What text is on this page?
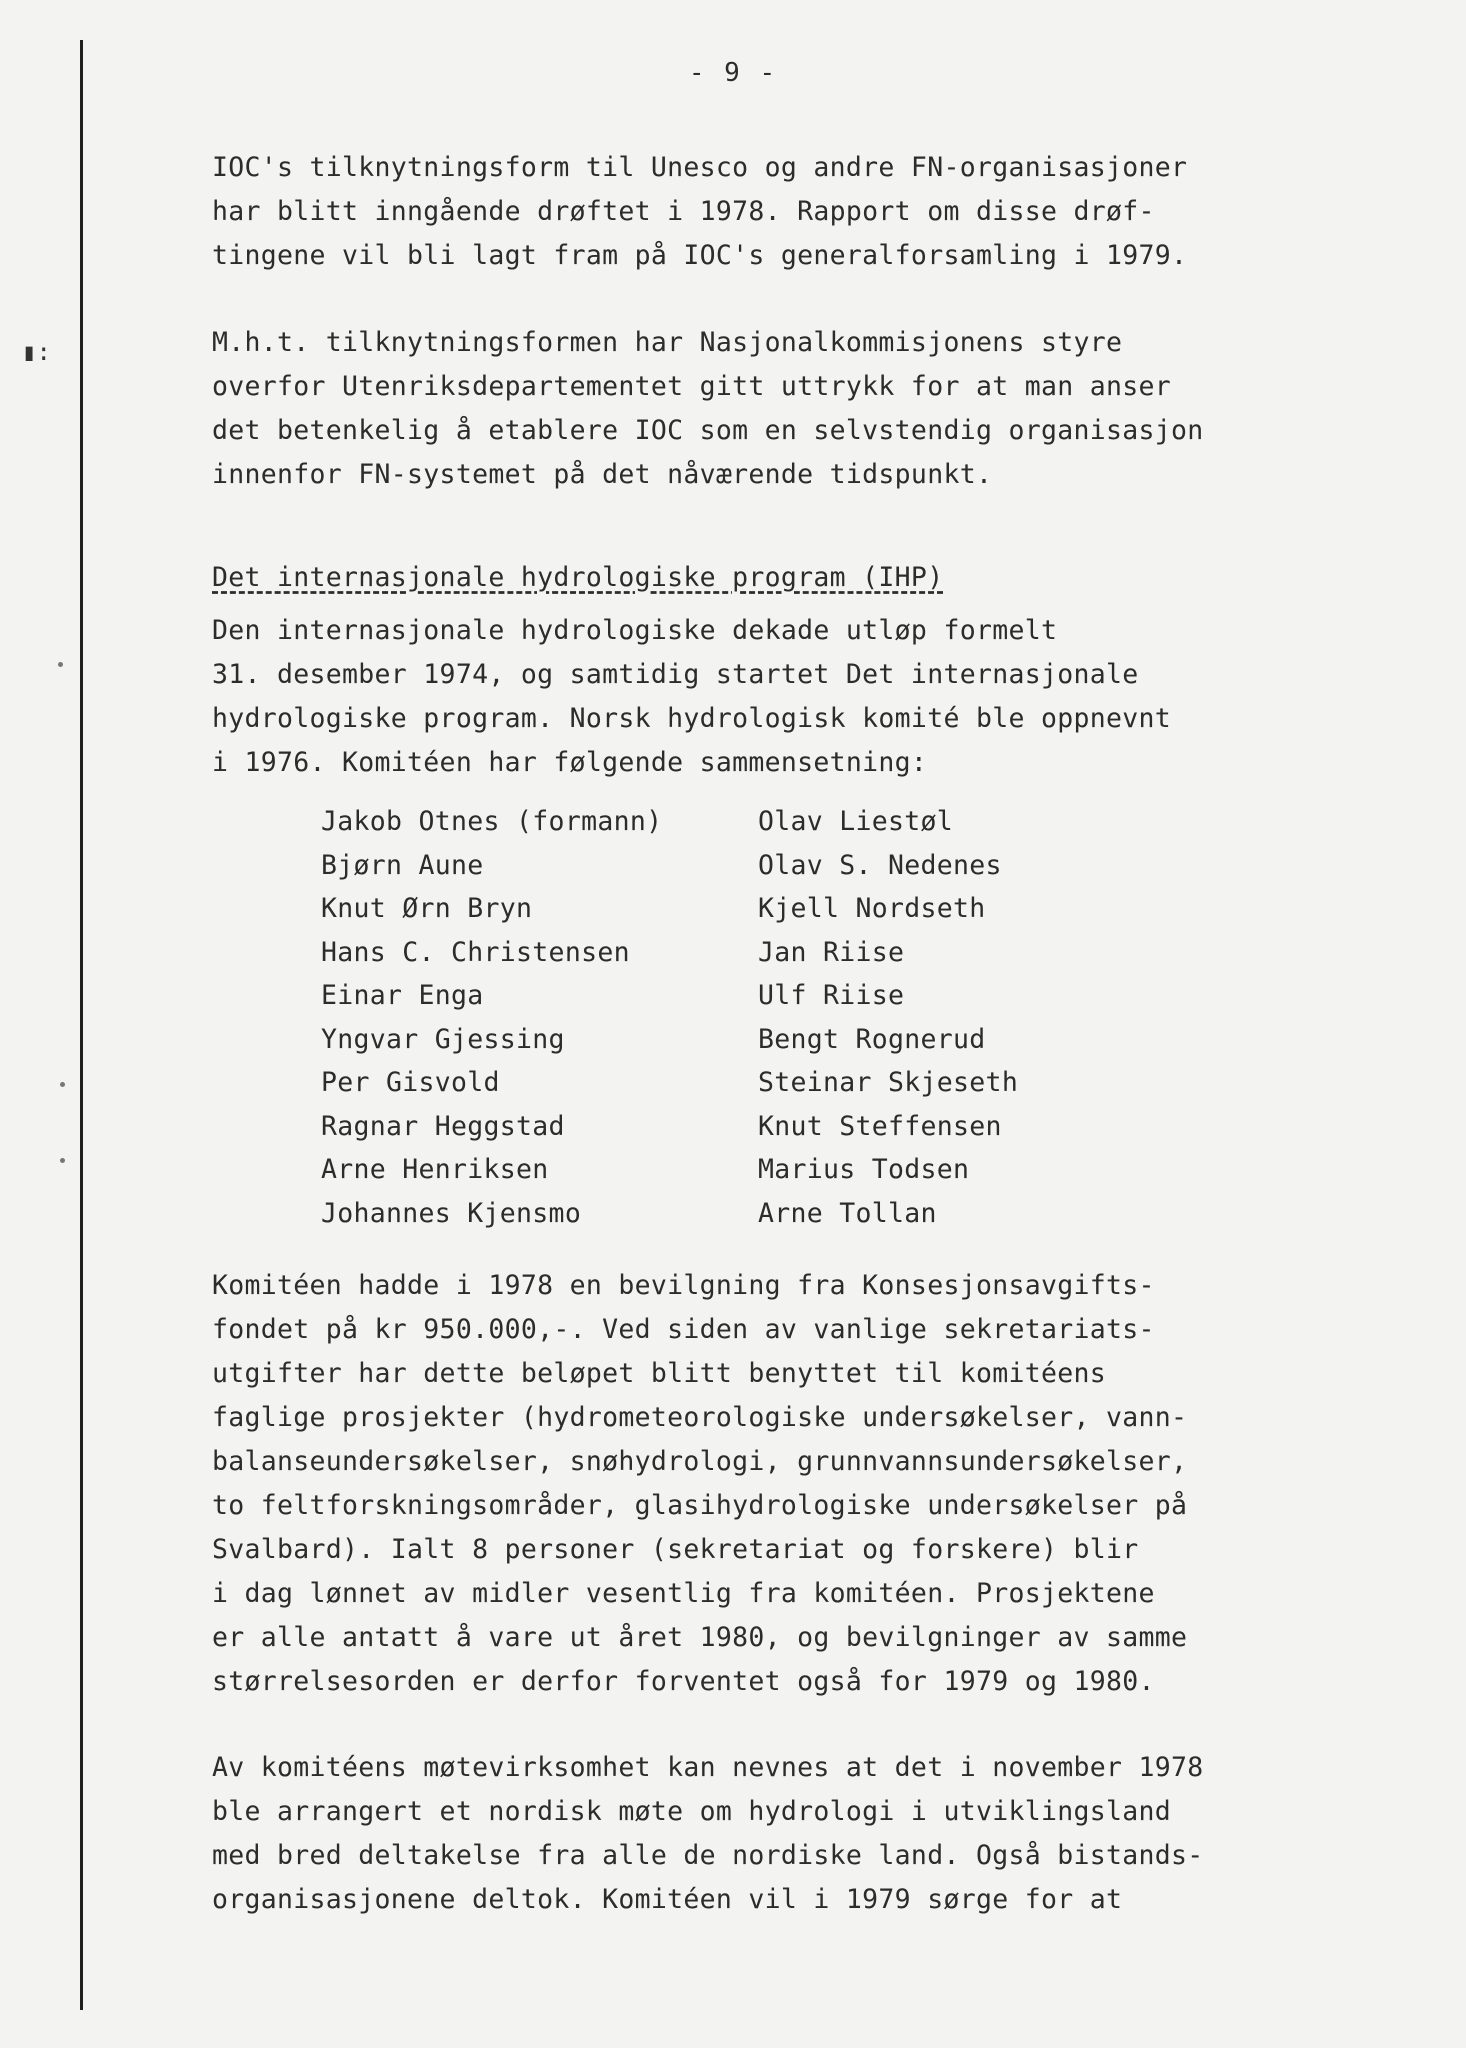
▮:
- 9 -
IOC's tilknytningsform til Unesco og andre FN-organisasjoner
har blitt inngående drøftet i 1978. Rapport om disse drøf-
tingene vil bli lagt fram på IOC's generalforsamling i 1979.
M.h.t. tilknytningsformen har Nasjonalkommisjonens styre
overfor Utenriksdepartementet gitt uttrykk for at man anser
det betenkelig å etablere IOC som en selvstendig organisasjon
innenfor FN-systemet på det nåværende tidspunkt.
Det internasjonale hydrologiske program (IHP)
Den internasjonale hydrologiske dekade utløp formelt
31. desember 1974, og samtidig startet Det internasjonale
hydrologiske program. Norsk hydrologisk komité ble oppnevnt
i 1976. Komitéen har følgende sammensetning:
Jakob Otnes (formann)
Bjørn Aune
Knut Ørn Bryn
Hans C. Christensen
Einar Enga
Yngvar Gjessing
Per Gisvold
Ragnar Heggstad
Arne Henriksen
Johannes Kjensmo
Olav Liestøl
Olav S. Nedenes
Kjell Nordseth
Jan Riise
Ulf Riise
Bengt Rognerud
Steinar Skjeseth
Knut Steffensen
Marius Todsen
Arne Tollan
Komitéen hadde i 1978 en bevilgning fra Konsesjonsavgifts-
fondet på kr 950.000,-. Ved siden av vanlige sekretariats-
utgifter har dette beløpet blitt benyttet til komitéens
faglige prosjekter (hydrometeorologiske undersøkelser, vann-
balanseundersøkelser, snøhydrologi, grunnvannsundersøkelser,
to feltforskningsområder, glasihydrologiske undersøkelser på
Svalbard). Ialt 8 personer (sekretariat og forskere) blir
i dag lønnet av midler vesentlig fra komitéen. Prosjektene
er alle antatt å vare ut året 1980, og bevilgninger av samme
størrelsesorden er derfor forventet også for 1979 og 1980.
Av komitéens møtevirksomhet kan nevnes at det i november 1978
ble arrangert et nordisk møte om hydrologi i utviklingsland
med bred deltakelse fra alle de nordiske land. Også bistands-
organisasjonene deltok. Komitéen vil i 1979 sørge for at
